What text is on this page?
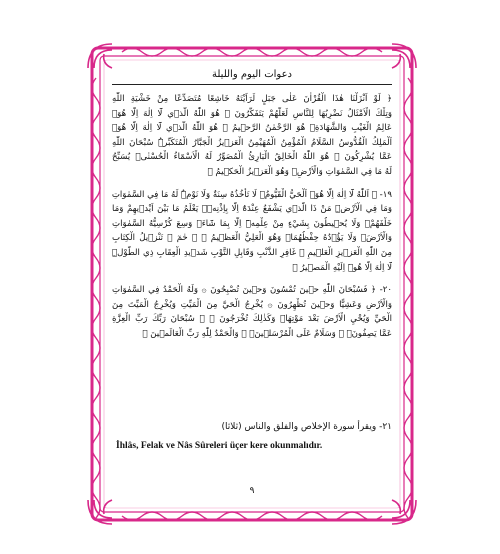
دعوات اليوم والليلة
﴿ لَوْ اَنْزَلْنَا هٰذَا الْقُرْاٰنَ عَلٰى جَبَلٍ لَرَاَيْتَهُ خَاشِعًا مُتَصَدِّعًا مِنْ خَشْيَةِ اللّٰهِ
وَتِلْكَ الْاَمْثَالُ نَضْرِبُهَا لِلنَّاسِ لَعَلَّهُمْ يَتَفَكَّرُونَ ۞ هُوَ اللّٰهُ الَّذ۪ي لَٓا اِلٰهَ اِلَّا هُوَۚ
عَالِمُ الْغَيْبِ وَالشَّهَادَةِۚ هُوَ الرَّحْمٰنُ الرَّح۪يمُ ۞ هُوَ اللّٰهُ الَّذ۪ي لَٓا اِلٰهَ اِلَّا هُوَۚ
اَلْمَلِكُ الْقُدُّوسُ السَّلَامُ الْمُؤْمِنُ الْمُهَيْمِنُ الْعَز۪يزُ الْجَبَّارُ الْمُتَكَبِّرُۜ سُبْحَانَ اللّٰهِ
عَمَّا يُشْرِكُونَ ۞ هُوَ اللّٰهُ الْخَالِقُ الْبَارِئُ الْمُصَوِّرُ لَهُ الْاَسْمَٓاءُ الْحُسْنٰىۜ يُسَبِّحُ
لَهُ مَا فِي السَّمٰوَاتِ وَالْاَرْضِۚ وَهُوَ الْعَز۪يزُ الْحَك۪يمُ ﴾
١٩- ﴿ اَللّٰهُ لَٓا اِلٰهَ اِلَّا هُوَۚ اَلْحَيُّ الْقَيُّومُۚ لَا تَأْخُذُهُ سِنَةٌ وَلَا نَوْمٌۜ لَهُ مَا فِي السَّمٰوَاتِ
وَمَا فِي الْاَرْضِۜ مَنْ ذَا الَّذ۪ي يَشْفَعُ عِنْدَهُٓ اِلَّا بِاِذْنِه۪ۜ يَعْلَمُ مَا بَيْنَ اَيْد۪يهِمْ وَمَا
خَلْفَهُمْۚ وَلَا يُح۪يطُونَ بِشَيْءٍ مِنْ عِلْمِه۪ٓ اِلَّا بِمَا شَٓاءَۚ وَسِعَ كُرْسِيُّهُ السَّمٰوَاتِ
وَالْاَرْضَۚ وَلَا يَؤُ۫دُهُ حِفْظُهُمَاۚ وَهُوَ الْعَلِيُّ الْعَظ۪يمُ ﴾ ﴿ حٰمٓ ۞ تَنْز۪يلُ الْكِتَابِ
مِنَ اللّٰهِ الْعَز۪يزِ الْعَل۪يمِ ۞ غَافِرِ الذَّنْبِ وَقَابِلِ التَّوْبِ شَد۪يدِ الْعِقَابِ ذِي الطَّوْلِۜ
لَٓا اِلٰهَ اِلَّا هُوَۜ اِلَيْهِ الْمَص۪يرُ ﴾
٢٠- ﴿ فَسُبْحَانَ اللّٰهِ ح۪ينَ تُمْسُونَ وَح۪ينَ تُصْبِحُونَ ۞ وَلَهُ الْحَمْدُ فِي السَّمٰوَاتِ
وَالْاَرْضِ وَعَشِيًّا وَح۪ينَ تُظْهِرُونَ ۞ يُخْرِجُ الْحَيَّ مِنَ الْمَيِّتِ وَيُخْرِجُ الْمَيِّتَ مِنَ
الْحَيِّ وَيُحْيِ الْاَرْضَ بَعْدَ مَوْتِهَاۜ وَكَذٰلِكَ تُخْرَجُونَ ﴾ ﴿ سُبْحَانَ رَبِّكَ رَبِّ الْعِزَّةِ
عَمَّا يَصِفُونَۚ ۞ وَسَلَامٌ عَلَى الْمُرْسَل۪ينَۚ ۞ وَالْحَمْدُ لِلّٰهِ رَبِّ الْعَالَم۪ينَ ﴾
٢١- ويقرأ سورة الإخلاص والفلق والناس (ثلاثا)
İhlâs, Felak ve Nâs Sûreleri üçer kere okunmalıdır.
٩
